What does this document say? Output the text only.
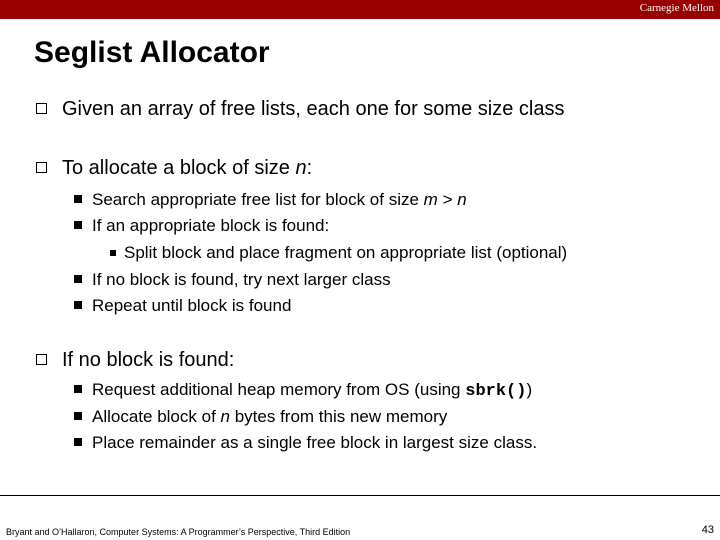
Carnegie Mellon
Seglist Allocator
Given an array of free lists, each one for some size class
To allocate a block of size n:
Search appropriate free list for block of size m > n
If an appropriate block is found:
Split block and place fragment on appropriate list (optional)
If no block is found, try next larger class
Repeat until block is found
If no block is found:
Request additional heap memory from OS (using sbrk())
Allocate block of n bytes from this new memory
Place remainder as a single free block in largest size class.
Bryant and O’Hallaron, Computer Systems: A Programmer’s Perspective, Third Edition	43
